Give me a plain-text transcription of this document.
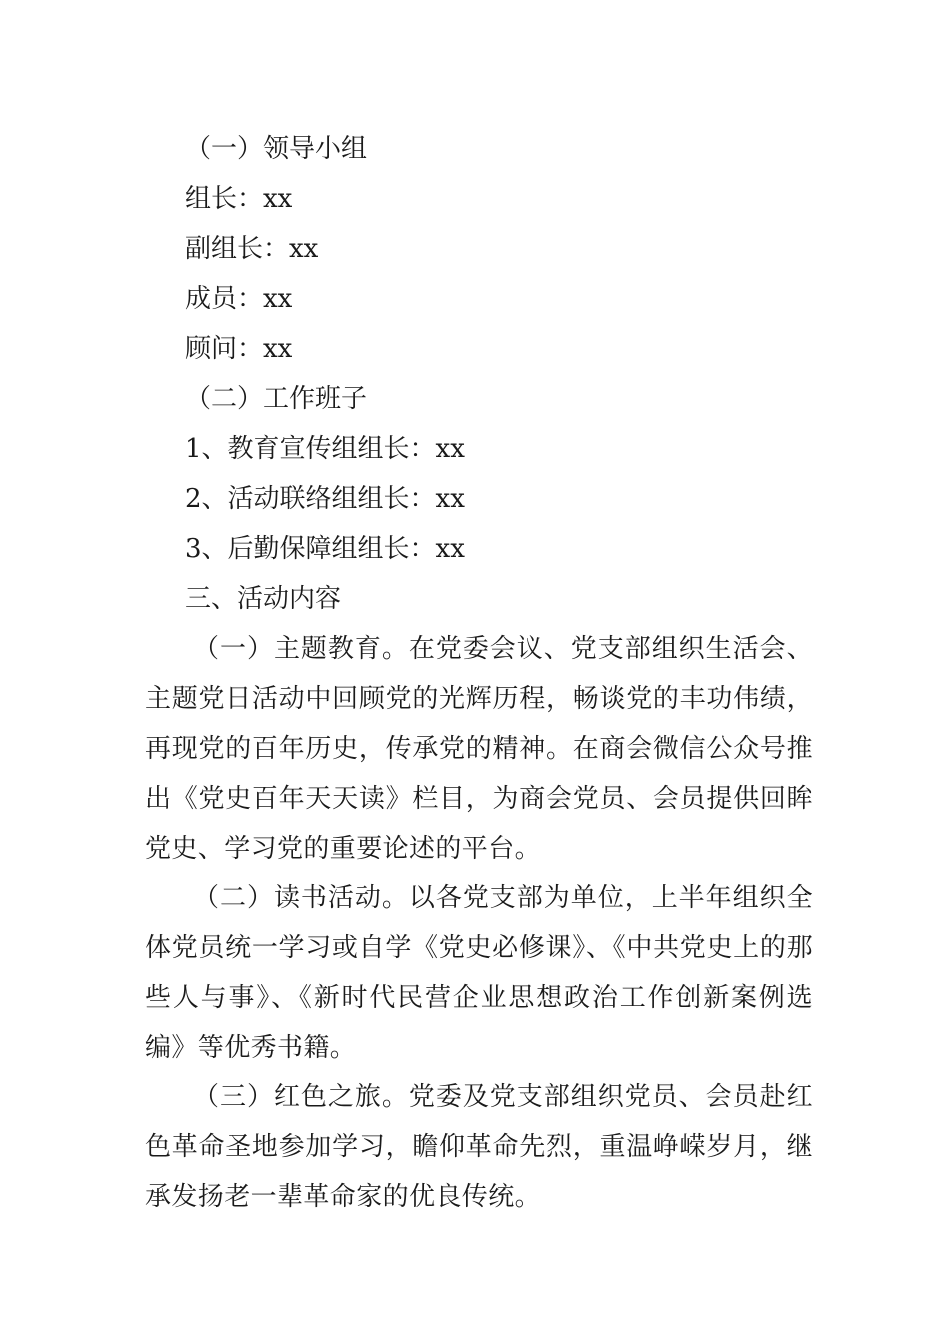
（一）领导小组
组长：xx
副组长：xx
成员：xx
顾问：xx
（二）工作班子
1、教育宣传组组长：xx
2、活动联络组组长：xx
3、后勤保障组组长：xx
三、活动内容
（一）主题教育。在党委会议、党支部组织生活会、主题党日活动中回顾党的光辉历程，畅谈党的丰功伟绩，再现党的百年历史，传承党的精神。在商会微信公众号推出《党史百年天天读》栏目，为商会党员、会员提供回眸党史、学习党的重要论述的平台。
（二）读书活动。以各党支部为单位，上半年组织全体党员统一学习或自学《党史必修课》、《中共党史上的那些人与事》、《新时代民营企业思想政治工作创新案例选编》等优秀书籍。
（三）红色之旅。党委及党支部组织党员、会员赴红色革命圣地参加学习，瞻仰革命先烈，重温峥嵘岁月，继承发扬老一辈革命家的优良传统。
